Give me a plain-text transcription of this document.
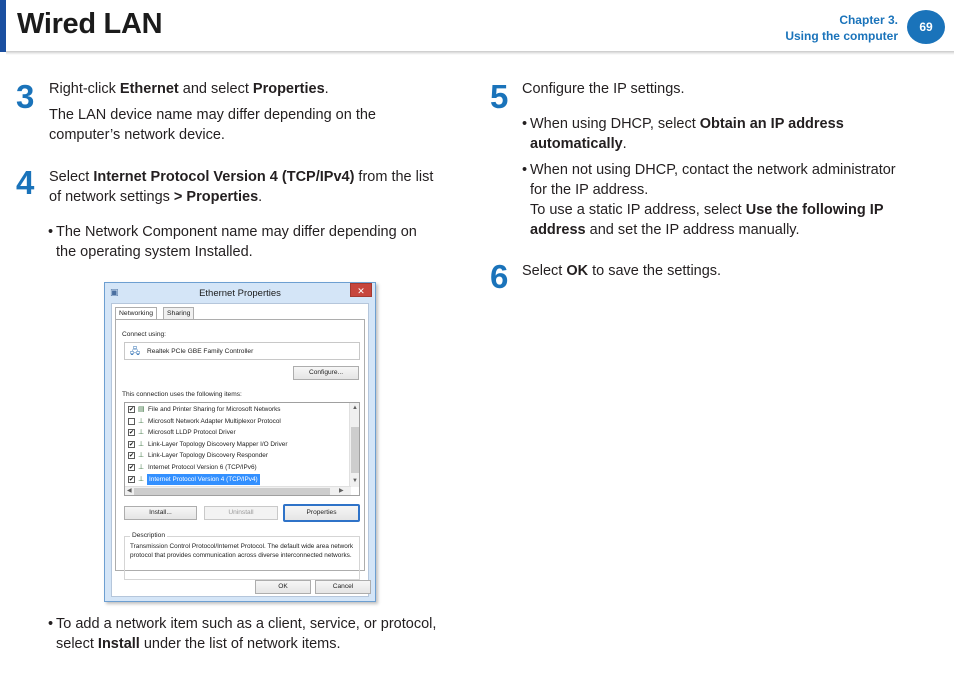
Wired LAN	Chapter 3.
Using the computer
69
3 Right-click Ethernet and select Properties.
The LAN device name may differ depending on the
computer’s network device.
4 Select Internet Protocol Version 4 (TCP/IPv4) from the list
of network settings > Properties.
• The Network Component name may differ depending on
the operating system Installed.
▣	Ethernet Properties	✕
Networking	Sharing
Connect using:
🖧 Realtek PCIe GBE Family Controller
Configure...
This connection uses the following items:
✔ ▤ File and Printer Sharing for Microsoft Networks
⊥ Microsoft Network Adapter Multiplexor Protocol
✔ ⊥ Microsoft LLDP Protocol Driver
✔ ⊥ Link-Layer Topology Discovery Mapper I/O Driver
✔ ⊥ Link-Layer Topology Discovery Responder
✔ ⊥ Internet Protocol Version 6 (TCP/IPv6)
✔ ⊥ Internet Protocol Version 4 (TCP/IPv4)
▲
▼
◀	▶
Install...	Uninstall	Properties
Description
Transmission Control Protocol/Internet Protocol. The default wide area network protocol that provides communication across diverse interconnected networks.
OK	Cancel
• To add a network item such as a client, service, or protocol,
select Install under the list of network items.
5 Configure the IP settings.
• When using DHCP, select Obtain an IP address
automatically.
• When not using DHCP, contact the network administrator
for the IP address.
To use a static IP address, select Use the following IP
address and set the IP address manually.
6 Select OK to save the settings.
